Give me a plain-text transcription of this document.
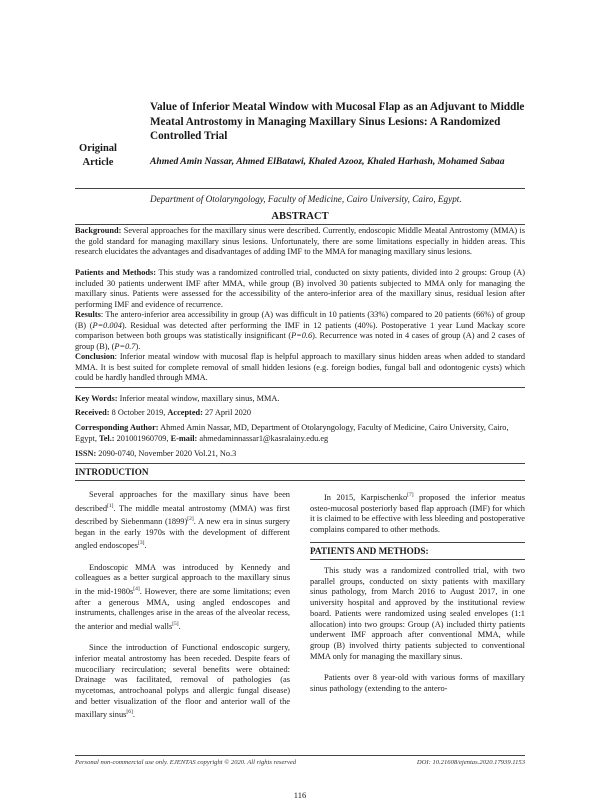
Original Article
Value of Inferior Meatal Window with Mucosal Flap as an Adjuvant to Middle Meatal Antrostomy in Managing Maxillary Sinus Lesions: A Randomized Controlled Trial
Ahmed Amin Nassar, Ahmed ElBatawi, Khaled Azooz, Khaled Harhash, Mohamed Sabaa
Department of Otolaryngology, Faculty of Medicine, Cairo University, Cairo, Egypt.
ABSTRACT
Background: Several approaches for the maxillary sinus were described. Currently, endoscopic Middle Meatal Antrostomy (MMA) is the gold standard for managing maxillary sinus lesions. Unfortunately, there are some limitations especially in hidden areas. This research elucidates the advantages and disadvantages of adding IMF to the MMA for managing maxillary sinus lesions.
Patients and Methods: This study was a randomized controlled trial, conducted on sixty patients, divided into 2 groups: Group (A) included 30 patients underwent IMF after MMA, while group (B) involved 30 patients subjected to MMA only for managing the maxillary sinus. Patients were assessed for the accessibility of the antero-inferior area of the maxillary sinus, residual lesion after performing IMF and evidence of recurrence.
Results: The antero-inferior area accessibility in group (A) was difficult in 10 patients (33%) compared to 20 patients (66%) of group (B) (P=0.004). Residual was detected after performing the IMF in 12 patients (40%). Postoperative 1 year Lund Mackay score comparison between both groups was statistically insignificant (P=0.6). Recurrence was noted in 4 cases of group (A) and 2 cases of group (B), (P=0.7).
Conclusion: Inferior meatal window with mucosal flap is helpful approach to maxillary sinus hidden areas when added to standard MMA. It is best suited for complete removal of small hidden lesions (e.g. foreign bodies, fungal ball and odontogenic cysts) which could be hardly handled through MMA.
Key Words: Inferior meatal window, maxillary sinus, MMA.
Received: 8 October 2019, Accepted: 27 April 2020
Corresponding Author: Ahmed Amin Nassar, MD, Department of Otolaryngology, Faculty of Medicine, Cairo University, Cairo, Egypt, Tel.: 201001960709, E-mail: ahmedaminnassar1@kasralainy.edu.eg
ISSN: 2090-0740, November 2020 Vol.21, No.3
INTRODUCTION

Several approaches for the maxillary sinus have been described[1]. The middle meatal antrostomy (MMA) was first described by Siebenmann (1899)[2]. A new era in sinus surgery began in the early 1970s with the development of different angled endoscopes[3].

Endoscopic MMA was introduced by Kennedy and colleagues as a better surgical approach to the maxillary sinus in the mid-1980s[4]. However, there are some limitations; even after a generous MMA, using angled endoscopes and instruments, challenges arise in the areas of the alveolar recess, the anterior and medial walls[5].

Since the introduction of Functional endoscopic surgery, inferior meatal antrostomy has been receded. Despite fears of mucociliary recirculation; several benefits were obtained: Drainage was facilitated, removal of pathologies (as mycetomas, antrochoanal polyps and allergic fungal disease) and better visualization of the floor and anterior wall of the maxillary sinus[6].

In 2015, Karpischenko[7] proposed the inferior meatus osteo-mucosal posteriorly based flap approach (IMF) for which it is claimed to be effective with less bleeding and postoperative complains compared to other methods.

PATIENTS AND METHODS:

This study was a randomized controlled trial, with two parallel groups, conducted on sixty patients with maxillary sinus pathology, from March 2016 to August 2017, in one university hospital and approved by the institutional review board. Patients were randomized using sealed envelopes (1:1 allocation) into two groups: Group (A) included thirty patients underwent IMF approach after conventional MMA, while group (B) involved thirty patients subjected to conventional MMA only for managing the maxillary sinus.

Patients over 8 year-old with various forms of maxillary sinus pathology (extending to the antero-

Personal non-commercial use only. EJENTAS copyright © 2020. All rights reserved	DOI: 10.21608/ejentas.2020.17939.1153
116
